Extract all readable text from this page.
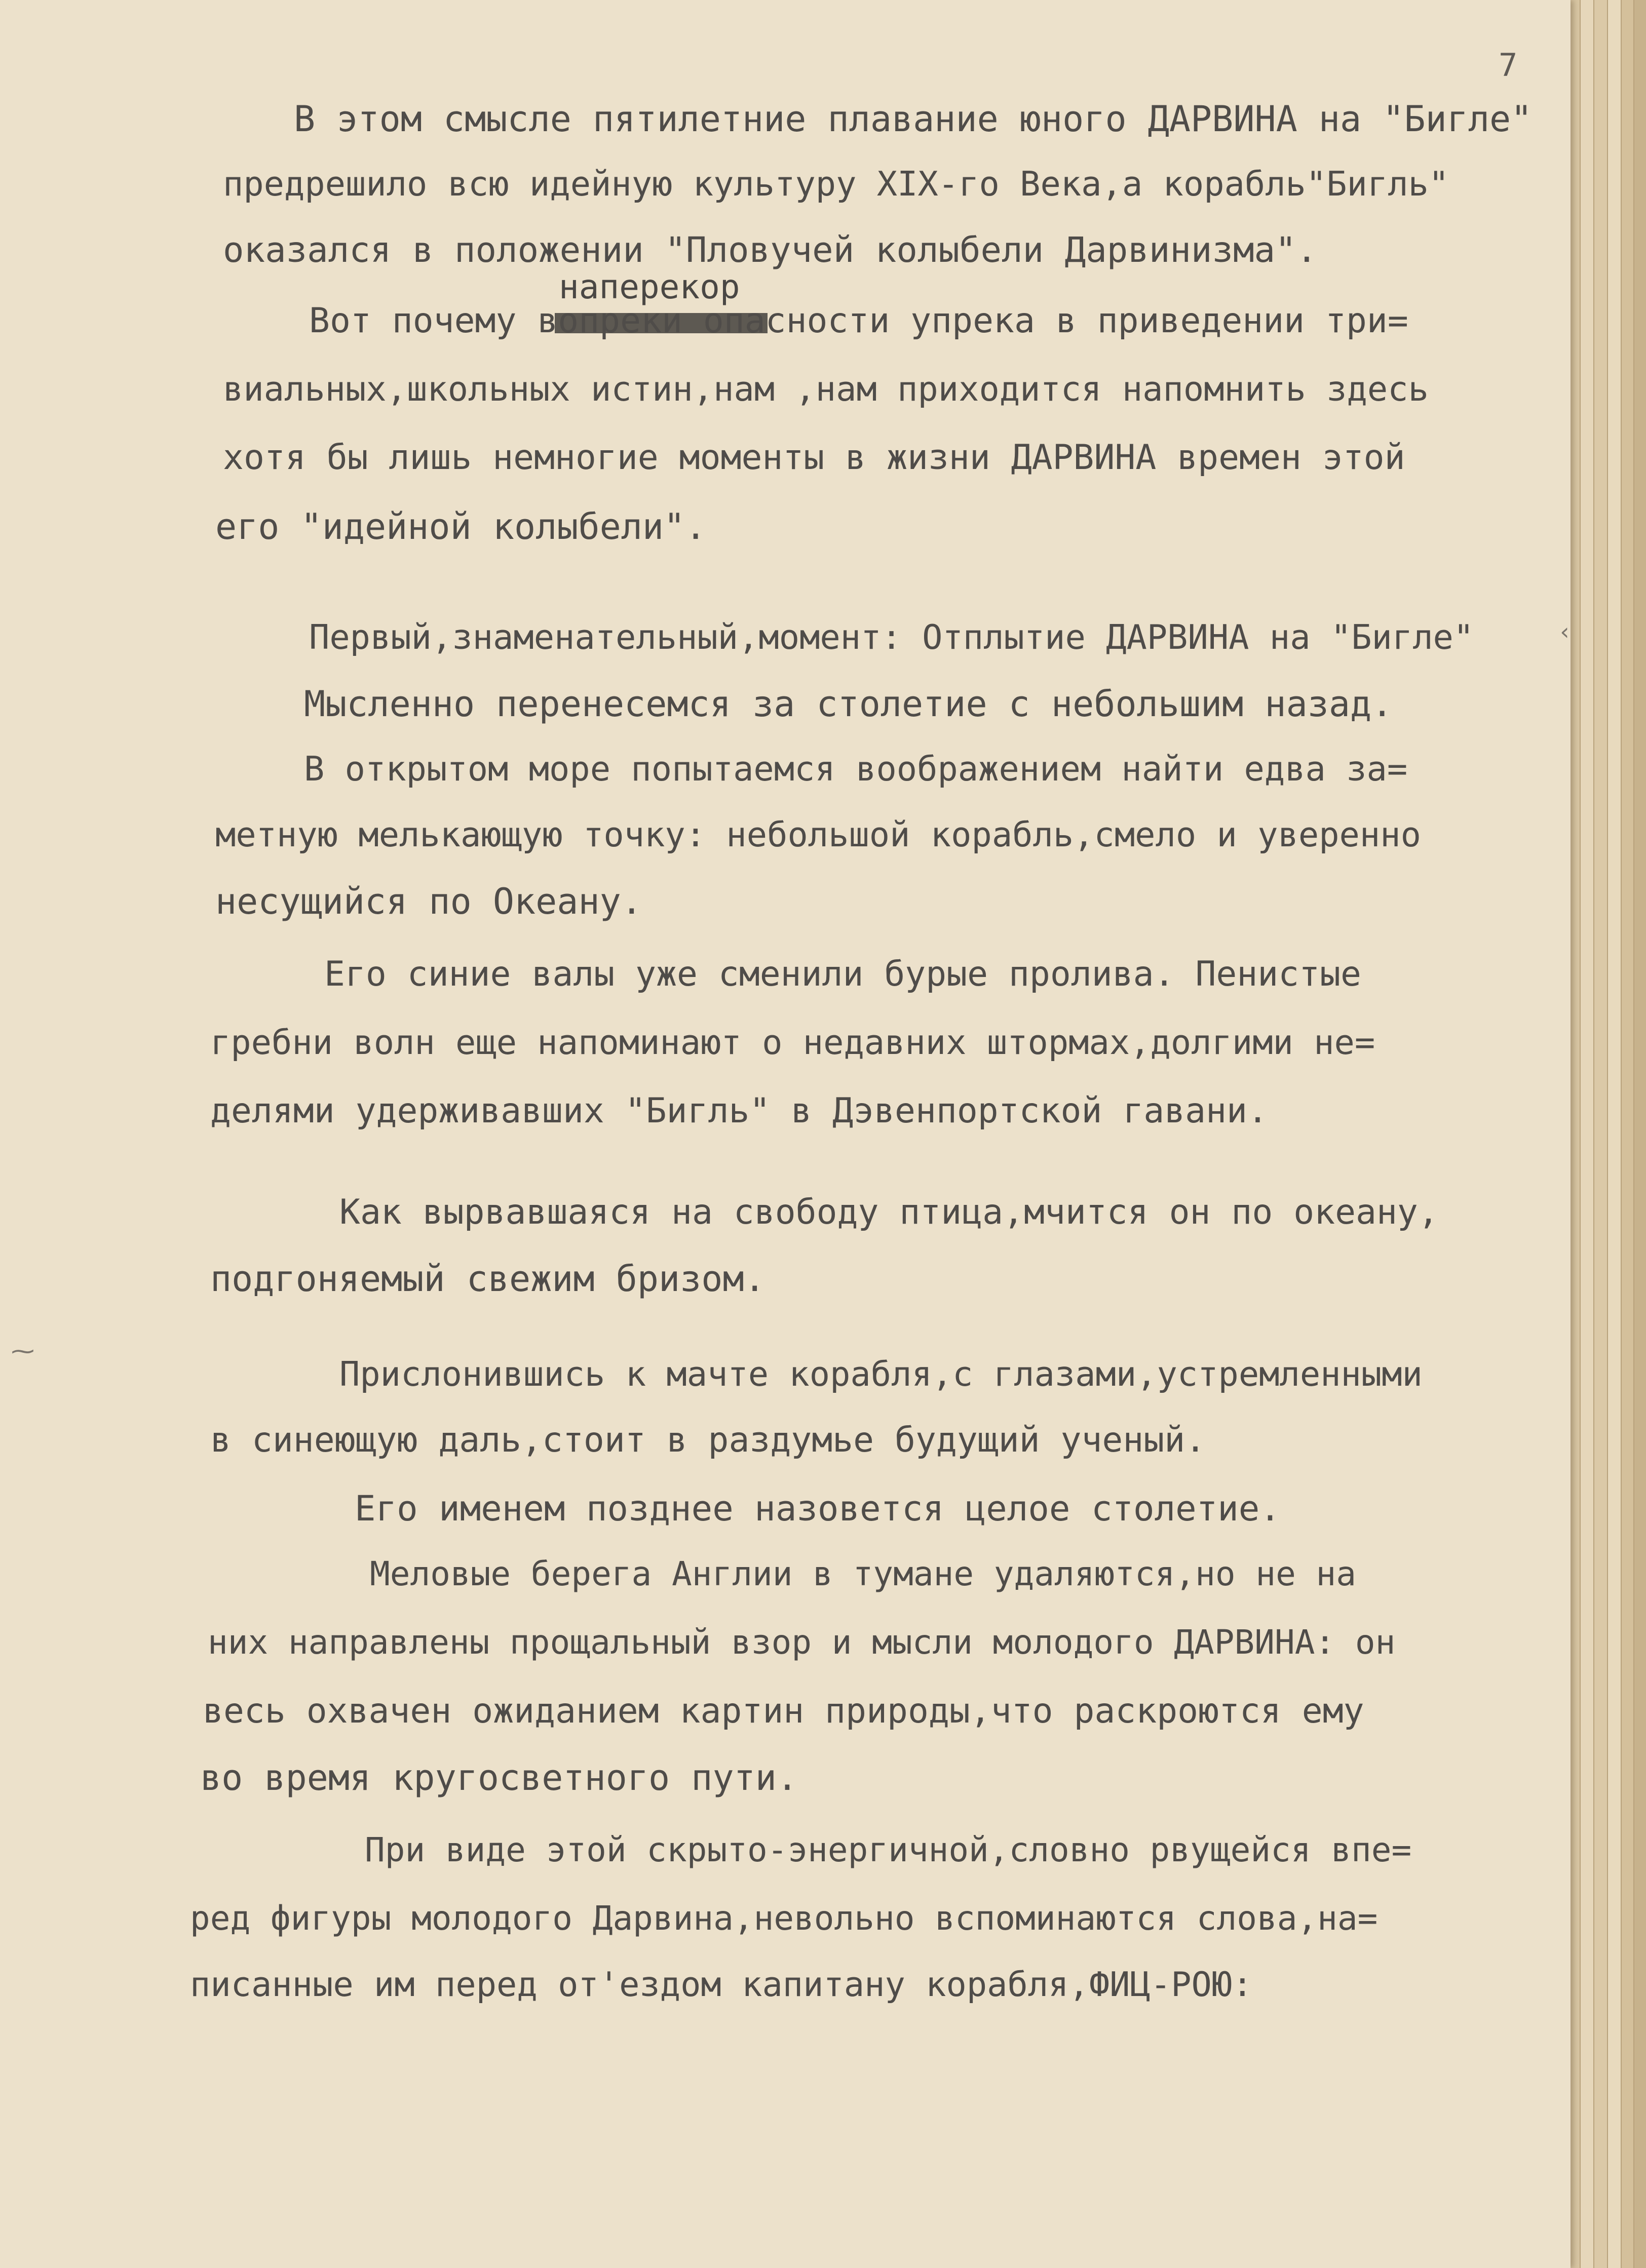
7
наперекор
В этом смысле пятилетние плавание юного ДАРВИНА на "Бигле"
предрешило всю идейную культуру XIX-го Века,а корабль"Бигль"
оказался в положении "Пловучей колыбели Дарвинизма".
Вот почему вопреки опасности упрека в приведении три=
виальных,школьных истин,нам ,нам приходится напомнить здесь
хотя бы лишь немногие моменты в жизни ДАРВИНА времен этой
его "идейной колыбели".
Первый,знаменательный,момент: Отплытие ДАРВИНА на "Бигле"
Мысленно перенесемся за столетие с небольшим назад.
В открытом море попытаемся воображением найти едва за=
метную мелькающую точку: небольшой корабль,смело и уверенно
несущийся по Океану.
Его синие валы уже сменили бурые пролива. Пенистые
гребни волн еще напоминают о недавних штормах,долгими не=
делями удерживавших "Бигль" в Дэвенпортской гавани.
Как вырвавшаяся на свободу птица,мчится он по океану,
подгоняемый свежим бризом.
Прислонившись к мачте корабля,с глазами,устремленными
в синеющую даль,стоит в раздумье будущий ученый.
Его именем позднее назовется целое столетие.
Меловые берега Англии в тумане удаляются,но не на
них направлены прощальный взор и мысли молодого ДАРВИНА: он
весь охвачен ожиданием картин природы,что раскроются ему
во время кругосветного пути.
При виде этой скрыто-энергичной,словно рвущейся впе=
ред фигуры молодого Дарвина,невольно вспоминаются слова,на=
писанные им перед от'ездом капитану корабля,ФИЦ-РОЮ:
‹
⁓
